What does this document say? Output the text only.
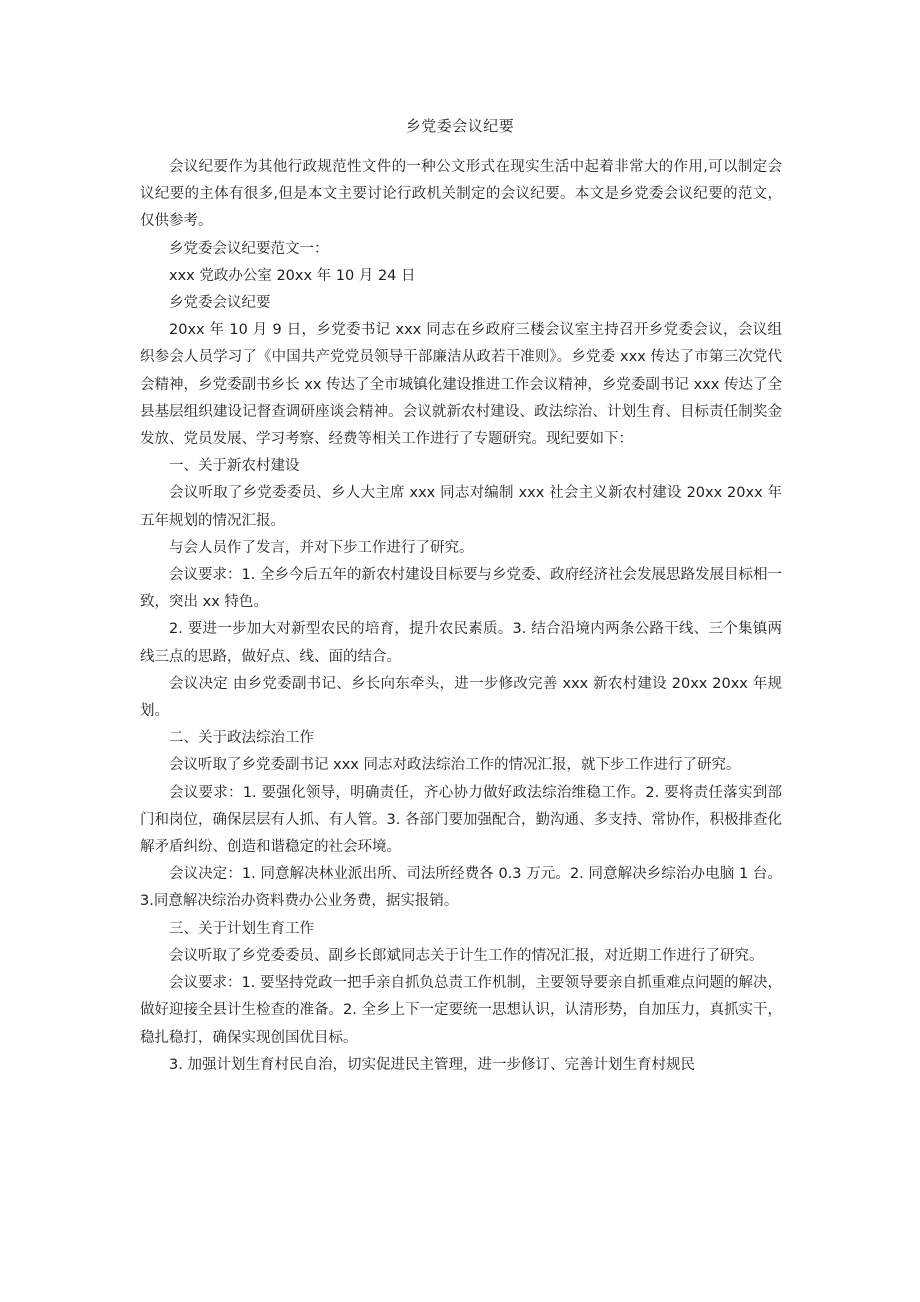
乡党委会议纪要

会议纪要作为其他行政规范性文件的一种公文形式在现实生活中起着非常大的作用,可以制定会议纪要的主体有很多,但是本文主要讨论行政机关制定的会议纪要。本文是乡党委会议纪要的范文，仅供参考。

乡党委会议纪要范文一：

xxx 党政办公室 20xx 年 10 月 24 日

乡党委会议纪要

20xx 年 10 月 9 日，乡党委书记 xxx 同志在乡政府三楼会议室主持召开乡党委会议，会议组织参会人员学习了《中国共产党党员领导干部廉洁从政若干准则》。乡党委 xxx 传达了市第三次党代会精神，乡党委副书乡长 xx 传达了全市城镇化建设推进工作会议精神，乡党委副书记 xxx 传达了全县基层组织建设记督查调研座谈会精神。会议就新农村建设、政法综治、计划生育、目标责任制奖金发放、党员发展、学习考察、经费等相关工作进行了专题研究。现纪要如下：

一、关于新农村建设

会议听取了乡党委委员、乡人大主席 xxx 同志对编制 xxx 社会主义新农村建设 20xx 20xx 年五年规划的情况汇报。

与会人员作了发言，并对下步工作进行了研究。

会议要求：1. 全乡今后五年的新农村建设目标要与乡党委、政府经济社会发展思路发展目标相一致，突出 xx 特色。

2. 要进一步加大对新型农民的培育，提升农民素质。3. 结合沿境内两条公路干线、三个集镇两线三点的思路，做好点、线、面的结合。

会议决定 由乡党委副书记、乡长向东牵头，进一步修改完善 xxx 新农村建设 20xx 20xx 年规划。

二、关于政法综治工作

会议听取了乡党委副书记 xxx 同志对政法综治工作的情况汇报，就下步工作进行了研究。

会议要求：1. 要强化领导，明确责任，齐心协力做好政法综治维稳工作。2. 要将责任落实到部门和岗位，确保层层有人抓、有人管。3. 各部门要加强配合，勤沟通、多支持、常协作，积极排查化解矛盾纠纷、创造和谐稳定的社会环境。

会议决定：1. 同意解决林业派出所、司法所经费各 0.3 万元。2. 同意解决乡综治办电脑 1 台。3.同意解决综治办资料费办公业务费，据实报销。

三、关于计划生育工作

会议听取了乡党委委员、副乡长郎斌同志关于计生工作的情况汇报，对近期工作进行了研究。

会议要求：1. 要坚持党政一把手亲自抓负总责工作机制，主要领导要亲自抓重难点问题的解决，做好迎接全县计生检查的准备。2. 全乡上下一定要统一思想认识，认清形势，自加压力，真抓实干，稳扎稳打，确保实现创国优目标。

3. 加强计划生育村民自治，切实促进民主管理，进一步修订、完善计划生育村规民
